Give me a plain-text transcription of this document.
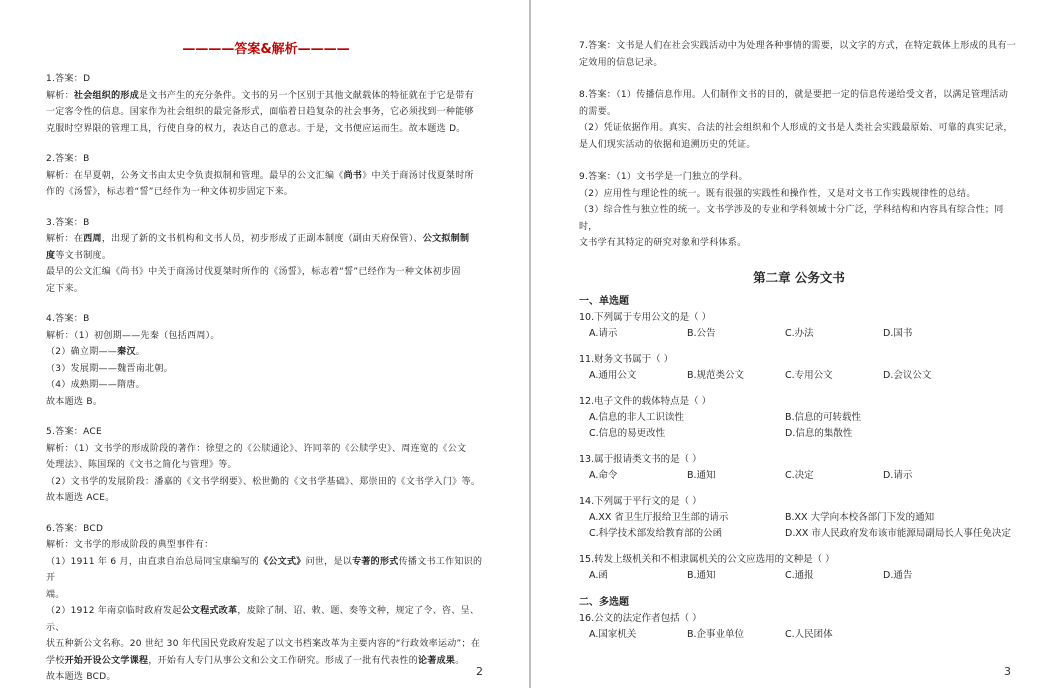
————答案&解析————

1.答案：D

解析：社会组织的形成是文书产生的充分条件。文书的另一个区别于其他文献载体的特征就在于它是带有

一定客令性的信息。国家作为社会组织的最完备形式，面临着日趋复杂的社会事务，它必须找到一种能够

克服时空界限的管理工具，行使自身的权力，表达自己的意志。于是，文书便应运而生。故本题选 D。

2.答案：B

解析：在早夏朝，公务文书由太史令负责拟制和管理。最早的公文汇编《尚书》中关于商汤讨伐夏桀时所

作的《汤誓》，标志着“誓”已经作为一种文体初步固定下来。

3.答案：B

解析：在西周，出现了新的文书机构和文书人员，初步形成了正副本制度（副由天府保管）、公文拟制制

度等文书制度。

最早的公文汇编《尚书》中关于商汤讨伐夏桀时所作的《汤誓》，标志着“誓”已经作为一种文体初步固

定下来。

4.答案：B

解析：（1）初创期——先秦（包括西周）。

（2）确立期——秦汉。

（3）发展期——魏晋南北朝。

（4）成熟期——隋唐。

故本题选 B。

5.答案：ACE

解析：（1）文书学的形成阶段的著作：徐望之的《公牍通论》、许同莘的《公牍学史》、周连宽的《公文

处理法》、陈国琛的《文书之简化与管理》等。

（2）文书学的发展阶段：潘嘉的《文书学纲要》、松世勤的《文书学基础》、郑崇田的《文书学入门》等。

故本题选 ACE。

6.答案：BCD

解析：文书学的形成阶段的典型事件有：

（1）1911 年 6 月，由直隶自治总局同宝康编写的《公文式》问世，是以专著的形式传播文书工作知识的开

端。

（2）1912 年南京临时政府发起公文程式改革，废除了制、诏、敕、题、奏等文种，规定了令、咨、呈、示、

状五种新公文名称。20 世纪 30 年代国民党政府发起了以文书档案改革为主要内容的“行政效率运动”；在

学校开始开设公文学课程，开始有人专门从事公文和公文工作研究。形成了一批有代表性的论著成果。

故本题选 BCD。	2

7.答案：文书是人们在社会实践活动中为处理各种事情的需要，以文字的方式，在特定载体上形成的具有一

定效用的信息记录。

8.答案：（1）传播信息作用。人们制作文书的目的，就是要把一定的信息传递给受文者，以满足管理活动

的需要。

（2）凭证依据作用。真实、合法的社会组织和个人形成的文书是人类社会实践最原始、可靠的真实记录，

是人们现实活动的依据和追溯历史的凭证。

9.答案：（1）文书学是一门独立的学科。

（2）应用性与理论性的统一。既有很强的实践性和操作性，又是对文书工作实践规律性的总结。

（3）综合性与独立性的统一。文书学涉及的专业和学科领域十分广泛，学科结构和内容具有综合性；同时，

文书学有其特定的研究对象和学科体系。

第二章 公务文书
一、单选题
10.下列属于专用公文的是（ ）
A.请示	B.公告	C.办法	D.国书
11.财务文书属于（ ）
A.通用公文	B.规范类公文	C.专用公文	D.会议公文
12.电子文件的载体特点是（ ）
A.信息的非人工识读性	B.信息的可转载性
C.信息的易更改性	D.信息的集散性
13.属于报请类文书的是（ ）
A.命令	B.通知	C.决定	D.请示
14.下列属于平行文的是（ ）
A.XX 省卫生厅报给卫生部的请示	B.XX 大学向本校各部门下发的通知
C.科学技术部发给教育部的公函	D.XX 市人民政府发布该市能源局副局长人事任免决定
15.转发上级机关和不相隶属机关的公文应选用的文种是（ ）
A.函	B.通知	C.通报	D.通告
二、多选题
16.公文的法定作者包括（ ）
A.国家机关	B.企事业单位	C.人民团体
3
